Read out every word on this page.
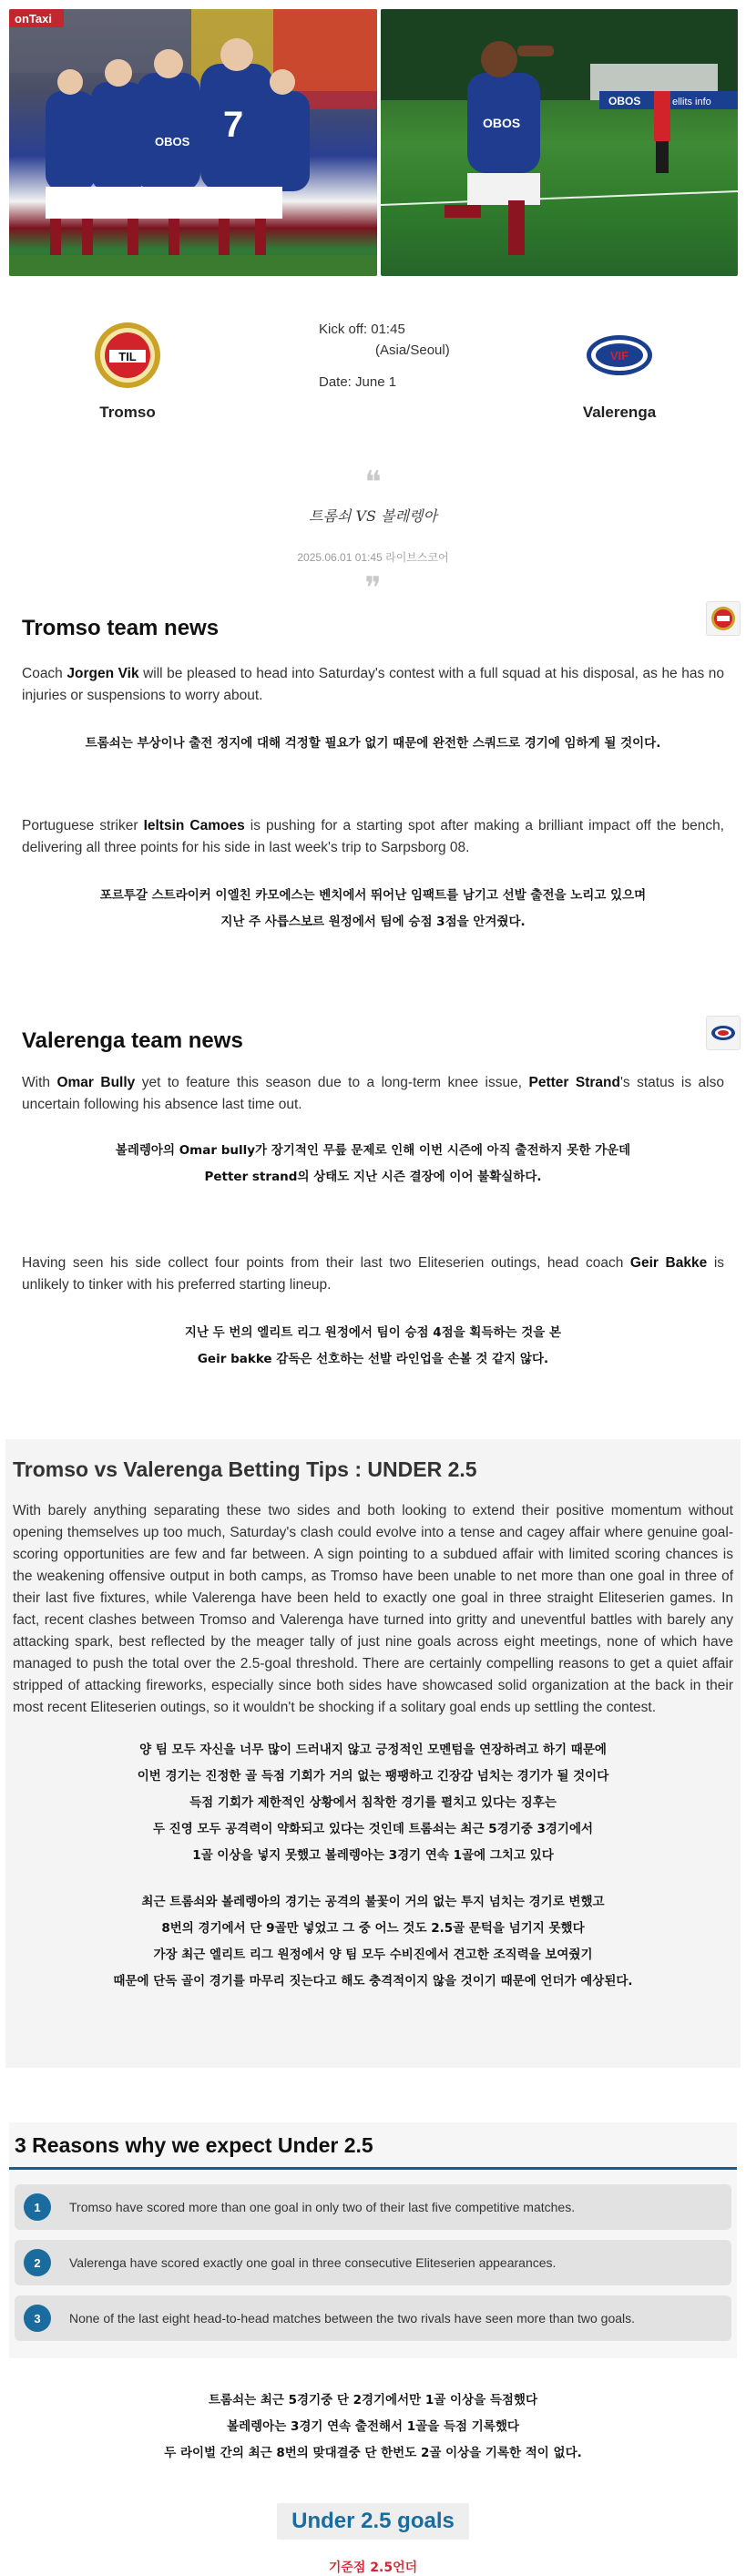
onTaxi
7
OBOS
OBOS	ellits info
OBOS
TIL
Tromso
Kick off: 01:45
(Asia/Seoul)
Date: June 1
VIF
Valerenga
❝
트롬쇠 VS 볼레렝아
2025.06.01 01:45 라이브스코어
❞
Tromso team news

Coach Jorgen Vik will be pleased to head into Saturday's contest with a full squad at his disposal, as he has no injuries or suspensions to worry about.

트롬쇠는 부상이나 출전 정지에 대해 걱정할 필요가 없기 때문에 완전한 스쿼드로 경기에 임하게 될 것이다.

Portuguese striker Ieltsin Camoes is pushing for a starting spot after making a brilliant impact off the bench, delivering all three points for his side in last week's trip to Sarpsborg 08.

포르투갈 스트라이커 이엘친 카모에스는 벤치에서 뛰어난 임팩트를 남기고 선발 출전을 노리고 있으며
지난 주 사릅스보르 원정에서 팀에 승점 3점을 안겨줬다.
Valerenga team news

With Omar Bully yet to feature this season due to a long-term knee issue, Petter Strand's status is also uncertain following his absence last time out.

볼레렝아의 Omar bully가 장기적인 무릎 문제로 인해 이번 시즌에 아직 출전하지 못한 가운데
Petter strand의 상태도 지난 시즌 결장에 이어 불확실하다.

Having seen his side collect four points from their last two Eliteserien outings, head coach Geir Bakke is unlikely to tinker with his preferred starting lineup.

지난 두 번의 엘리트 리그 원정에서 팀이 승점 4점을 획득하는 것을 본
Geir bakke 감독은 선호하는 선발 라인업을 손볼 것 같지 않다.
Tromso vs Valerenga Betting Tips : UNDER 2.5

With barely anything separating these two sides and both looking to extend their positive momentum without opening themselves up too much, Saturday's clash could evolve into a tense and cagey affair where genuine goal-scoring opportunities are few and far between. A sign pointing to a subdued affair with limited scoring chances is the weakening offensive output in both camps, as Tromso have been unable to net more than one goal in three of their last five fixtures, while Valerenga have been held to exactly one goal in three straight Eliteserien games. In fact, recent clashes between Tromso and Valerenga have turned into gritty and uneventful battles with barely any attacking spark, best reflected by the meager tally of just nine goals across eight meetings, none of which have managed to push the total over the 2.5-goal threshold. There are certainly compelling reasons to get a quiet affair stripped of attacking fireworks, especially since both sides have showcased solid organization at the back in their most recent Eliteserien outings, so it wouldn't be shocking if a solitary goal ends up settling the contest.

양 팀 모두 자신을 너무 많이 드러내지 않고 긍정적인 모멘텀을 연장하려고 하기 때문에
이번 경기는 진정한 골 득점 기회가 거의 없는 팽팽하고 긴장감 넘치는 경기가 될 것이다
득점 기회가 제한적인 상황에서 침착한 경기를 펼치고 있다는 징후는
두 진영 모두 공격력이 약화되고 있다는 것인데 트롬쇠는 최근 5경기중 3경기에서
1골 이상을 넣지 못했고 볼레렝아는 3경기 연속 1골에 그치고 있다
최근 트롬쇠와 볼레렝아의 경기는 공격의 불꽃이 거의 없는 투지 넘치는 경기로 변했고
8번의 경기에서 단 9골만 넣었고 그 중 어느 것도 2.5골 문턱을 넘기지 못했다
가장 최근 엘리트 리그 원정에서 양 팀 모두 수비진에서 견고한 조직력을 보여줬기
때문에 단독 골이 경기를 마무리 짓는다고 해도 충격적이지 않을 것이기 때문에 언더가 예상된다.
3 Reasons why we expect Under 2.5
1	Tromso have scored more than one goal in only two of their last five competitive matches.
2	Valerenga have scored exactly one goal in three consecutive Eliteserien appearances.
3	None of the last eight head-to-head matches between the two rivals have seen more than two goals.
트롬쇠는 최근 5경기중 단 2경기에서만 1골 이상을 득점했다
볼레렝아는 3경기 연속 출전해서 1골을 득점 기록했다
두 라이벌 간의 최근 8번의 맞대결중 단 한번도 2골 이상을 기록한 적이 없다.
Under 2.5 goals
기준점 2.5언더
